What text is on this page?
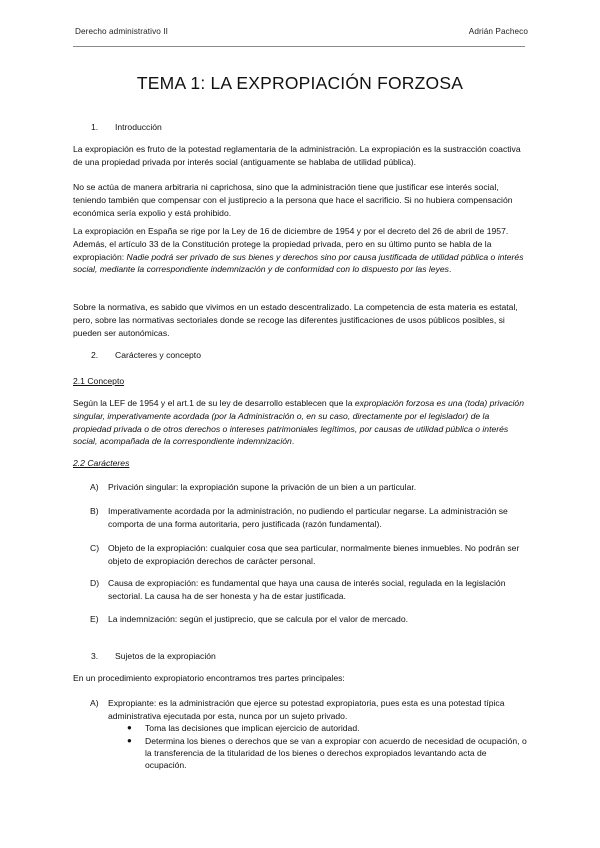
Derecho administrativo II	Adrián Pacheco
TEMA 1: LA EXPROPIACIÓN FORZOSA
1. Introducción
La expropiación es fruto de la potestad reglamentaria de la administración. La expropiación es la sustracción coactiva de una propiedad privada por interés social (antiguamente se hablaba de utilidad pública).
No se actúa de manera arbitraria ni caprichosa, sino que la administración tiene que justificar ese interés social, teniendo también que compensar con el justiprecio a la persona que hace el sacrificio. Si no hubiera compensación económica sería expolio y está prohibido.
La expropiación en España se rige por la Ley de 16 de diciembre de 1954 y por el decreto del 26 de abril de 1957. Además, el artículo 33 de la Constitución protege la propiedad privada, pero en su último punto se habla de la expropiación: Nadie podrá ser privado de sus bienes y derechos sino por causa justificada de utilidad pública o interés social, mediante la correspondiente indemnización y de conformidad con lo dispuesto por las leyes.
Sobre la normativa, es sabido que vivimos en un estado descentralizado. La competencia de esta materia es estatal, pero, sobre las normativas sectoriales donde se recoge las diferentes justificaciones de usos públicos posibles, si pueden ser autonómicas.
2. Carácteres y concepto
2.1 Concepto
Según la LEF de 1954 y el art.1 de su ley de desarrollo establecen que la expropiación forzosa es una (toda) privación singular, imperativamente acordada (por la Administración o, en su caso, directamente por el legislador) de la propiedad privada o de otros derechos o intereses patrimoniales legítimos, por causas de utilidad pública o interés social, acompañada de la correspondiente indemnización.
2.2 Carácteres
A) Privación singular: la expropiación supone la privación de un bien a un particular.
B) Imperativamente acordada por la administración, no pudiendo el particular negarse. La administración se comporta de una forma autoritaria, pero justificada (razón fundamental).
C) Objeto de la expropiación: cualquier cosa que sea particular, normalmente bienes inmuebles. No podrán ser objeto de expropiación derechos de carácter personal.
D) Causa de expropiación: es fundamental que haya una causa de interés social, regulada en la legislación sectorial. La causa ha de ser honesta y ha de estar justificada.
E) La indemnización: según el justiprecio, que se calcula por el valor de mercado.
3. Sujetos de la expropiación
En un procedimiento expropiatorio encontramos tres partes principales:
A) Expropiante: es la administración que ejerce su potestad expropiatoria, pues esta es una potestad típica administrativa ejecutada por esta, nunca por un sujeto privado.
● Toma las decisiones que implican ejercicio de autoridad.
● Determina los bienes o derechos que se van a expropiar con acuerdo de necesidad de ocupación, o la transferencia de la titularidad de los bienes o derechos expropiados levantando acta de ocupación.
